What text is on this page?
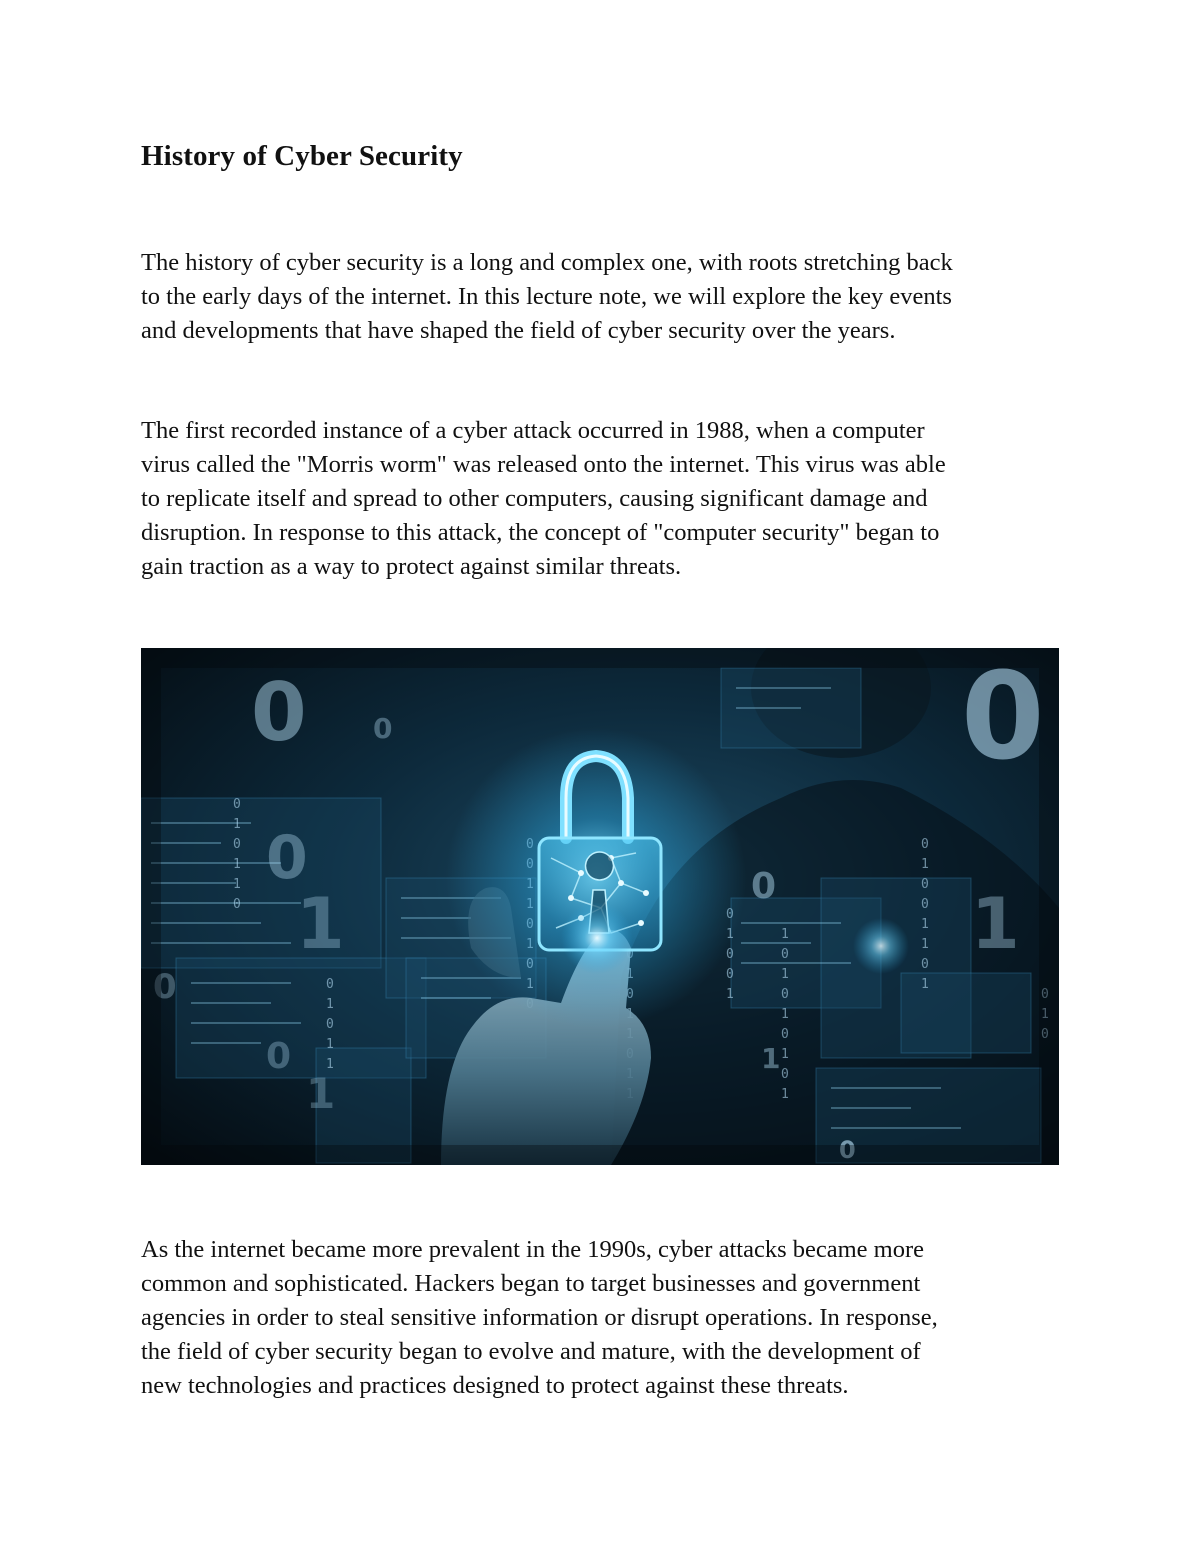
History of Cyber Security

The history of cyber security is a long and complex one, with roots stretching back
to the early days of the internet. In this lecture note, we will explore the key events
and developments that have shaped the field of cyber security over the years.

The first recorded instance of a cyber attack occurred in 1988, when a computer
virus called the "Morris worm" was released onto the internet. This virus was able
to replicate itself and spread to other computers, causing significant damage and
disruption. In response to this attack, the concept of "computer security" began to
gain traction as a way to protect against similar threats.

0
1
0
1
1
0
0
1
0
1
1
0
0
1
1
0
1
0
1
0
1
0
1
0
1
0
0
1
1
0
1
0
1
0
0	0
0
1
0
0	1
0
1
0
0
1

As the internet became more prevalent in the 1990s, cyber attacks became more
common and sophisticated. Hackers began to target businesses and government
agencies in order to steal sensitive information or disrupt operations. In response,
the field of cyber security began to evolve and mature, with the development of
new technologies and practices designed to protect against these threats.
